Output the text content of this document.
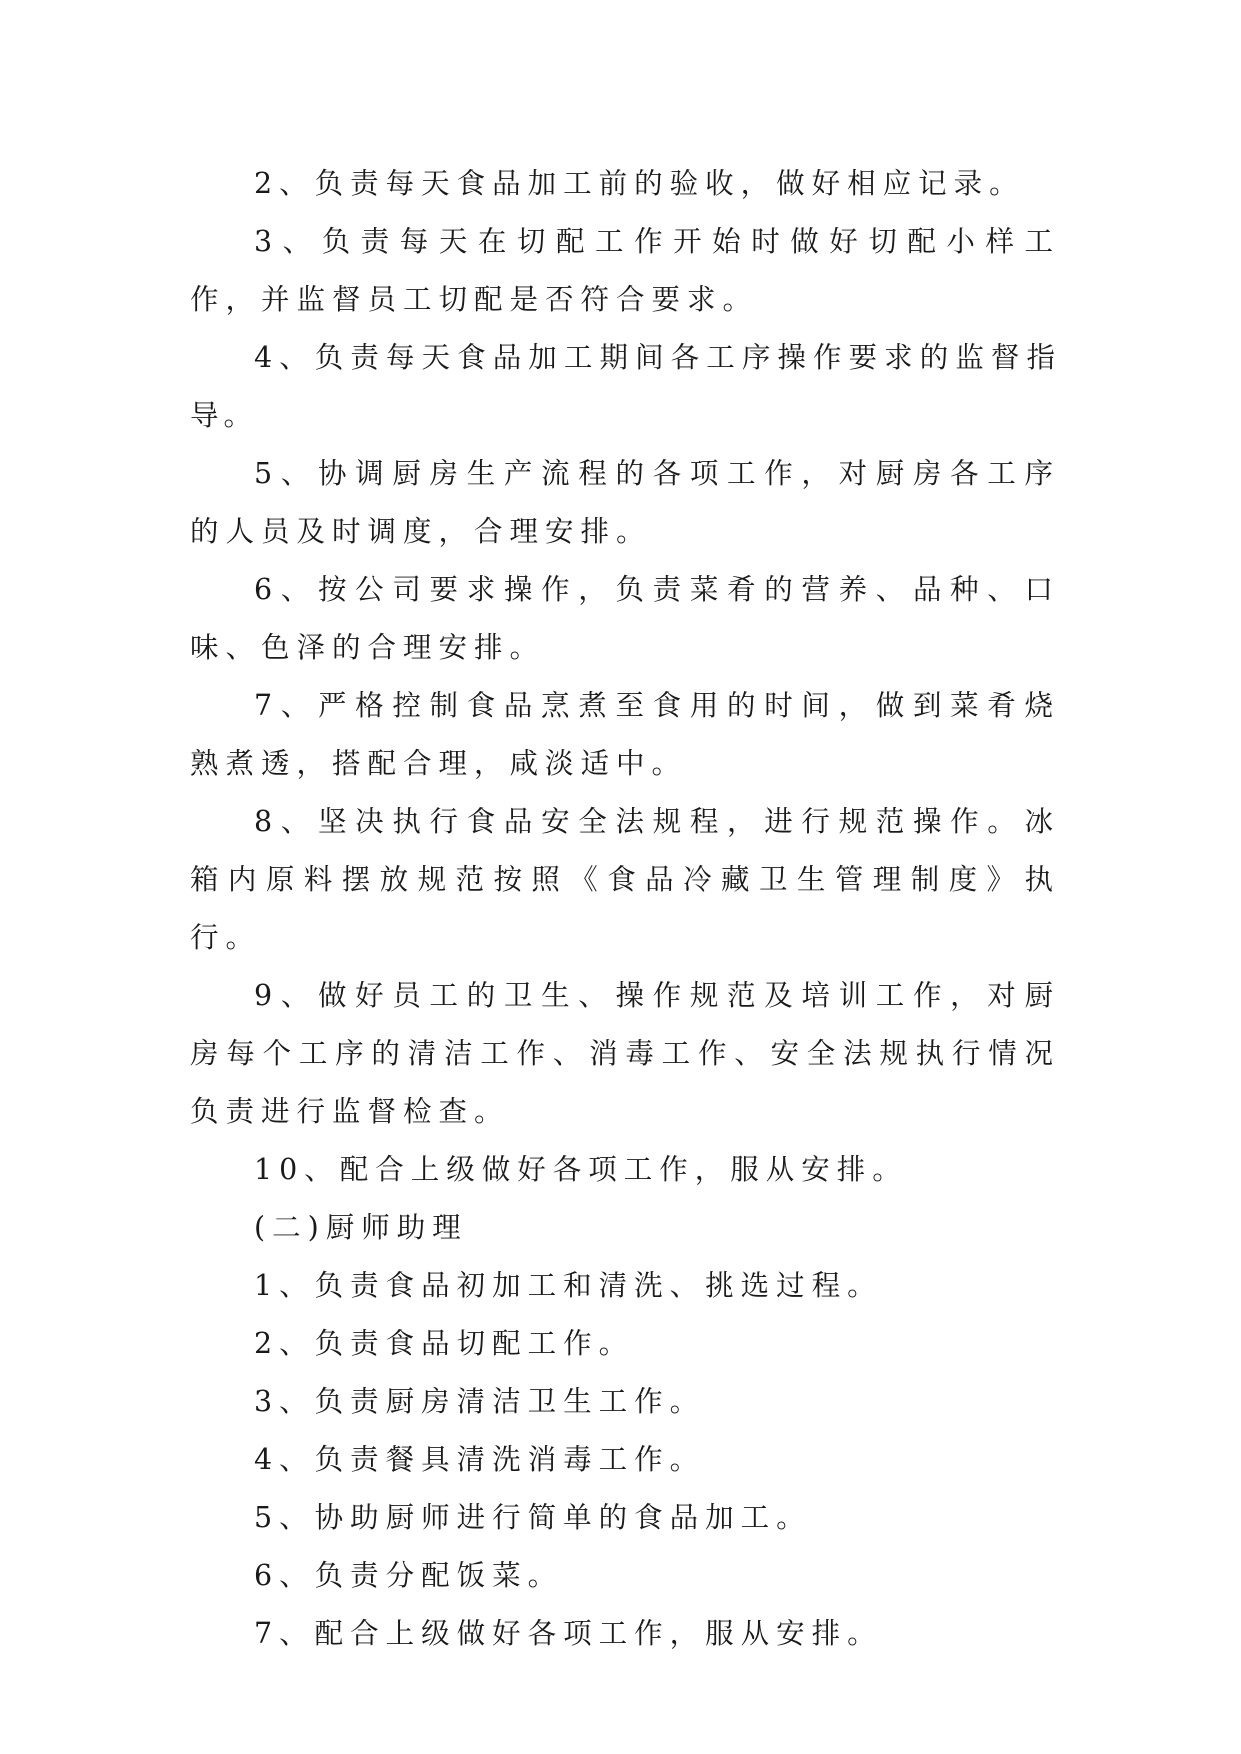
2、负责每天食品加工前的验收，做好相应记录。

3、负责每天在切配工作开始时做好切配小样工作，并监督员工切配是否符合要求。

4、负责每天食品加工期间各工序操作要求的监督指导。

5、协调厨房生产流程的各项工作，对厨房各工序的人员及时调度，合理安排。

6、按公司要求操作，负责菜肴的营养、品种、口味、色泽的合理安排。

7、严格控制食品烹煮至食用的时间，做到菜肴烧熟煮透，搭配合理，咸淡适中。

8、坚决执行食品安全法规程，进行规范操作。冰箱内原料摆放规范按照《食品冷藏卫生管理制度》执行。

9、做好员工的卫生、操作规范及培训工作，对厨房每个工序的清洁工作、消毒工作、安全法规执行情况负责进行监督检查。

10、配合上级做好各项工作，服从安排。

(二)厨师助理

1、负责食品初加工和清洗、挑选过程。

2、负责食品切配工作。

3、负责厨房清洁卫生工作。

4、负责餐具清洗消毒工作。

5、协助厨师进行简单的食品加工。

6、负责分配饭菜。

7、配合上级做好各项工作，服从安排。
